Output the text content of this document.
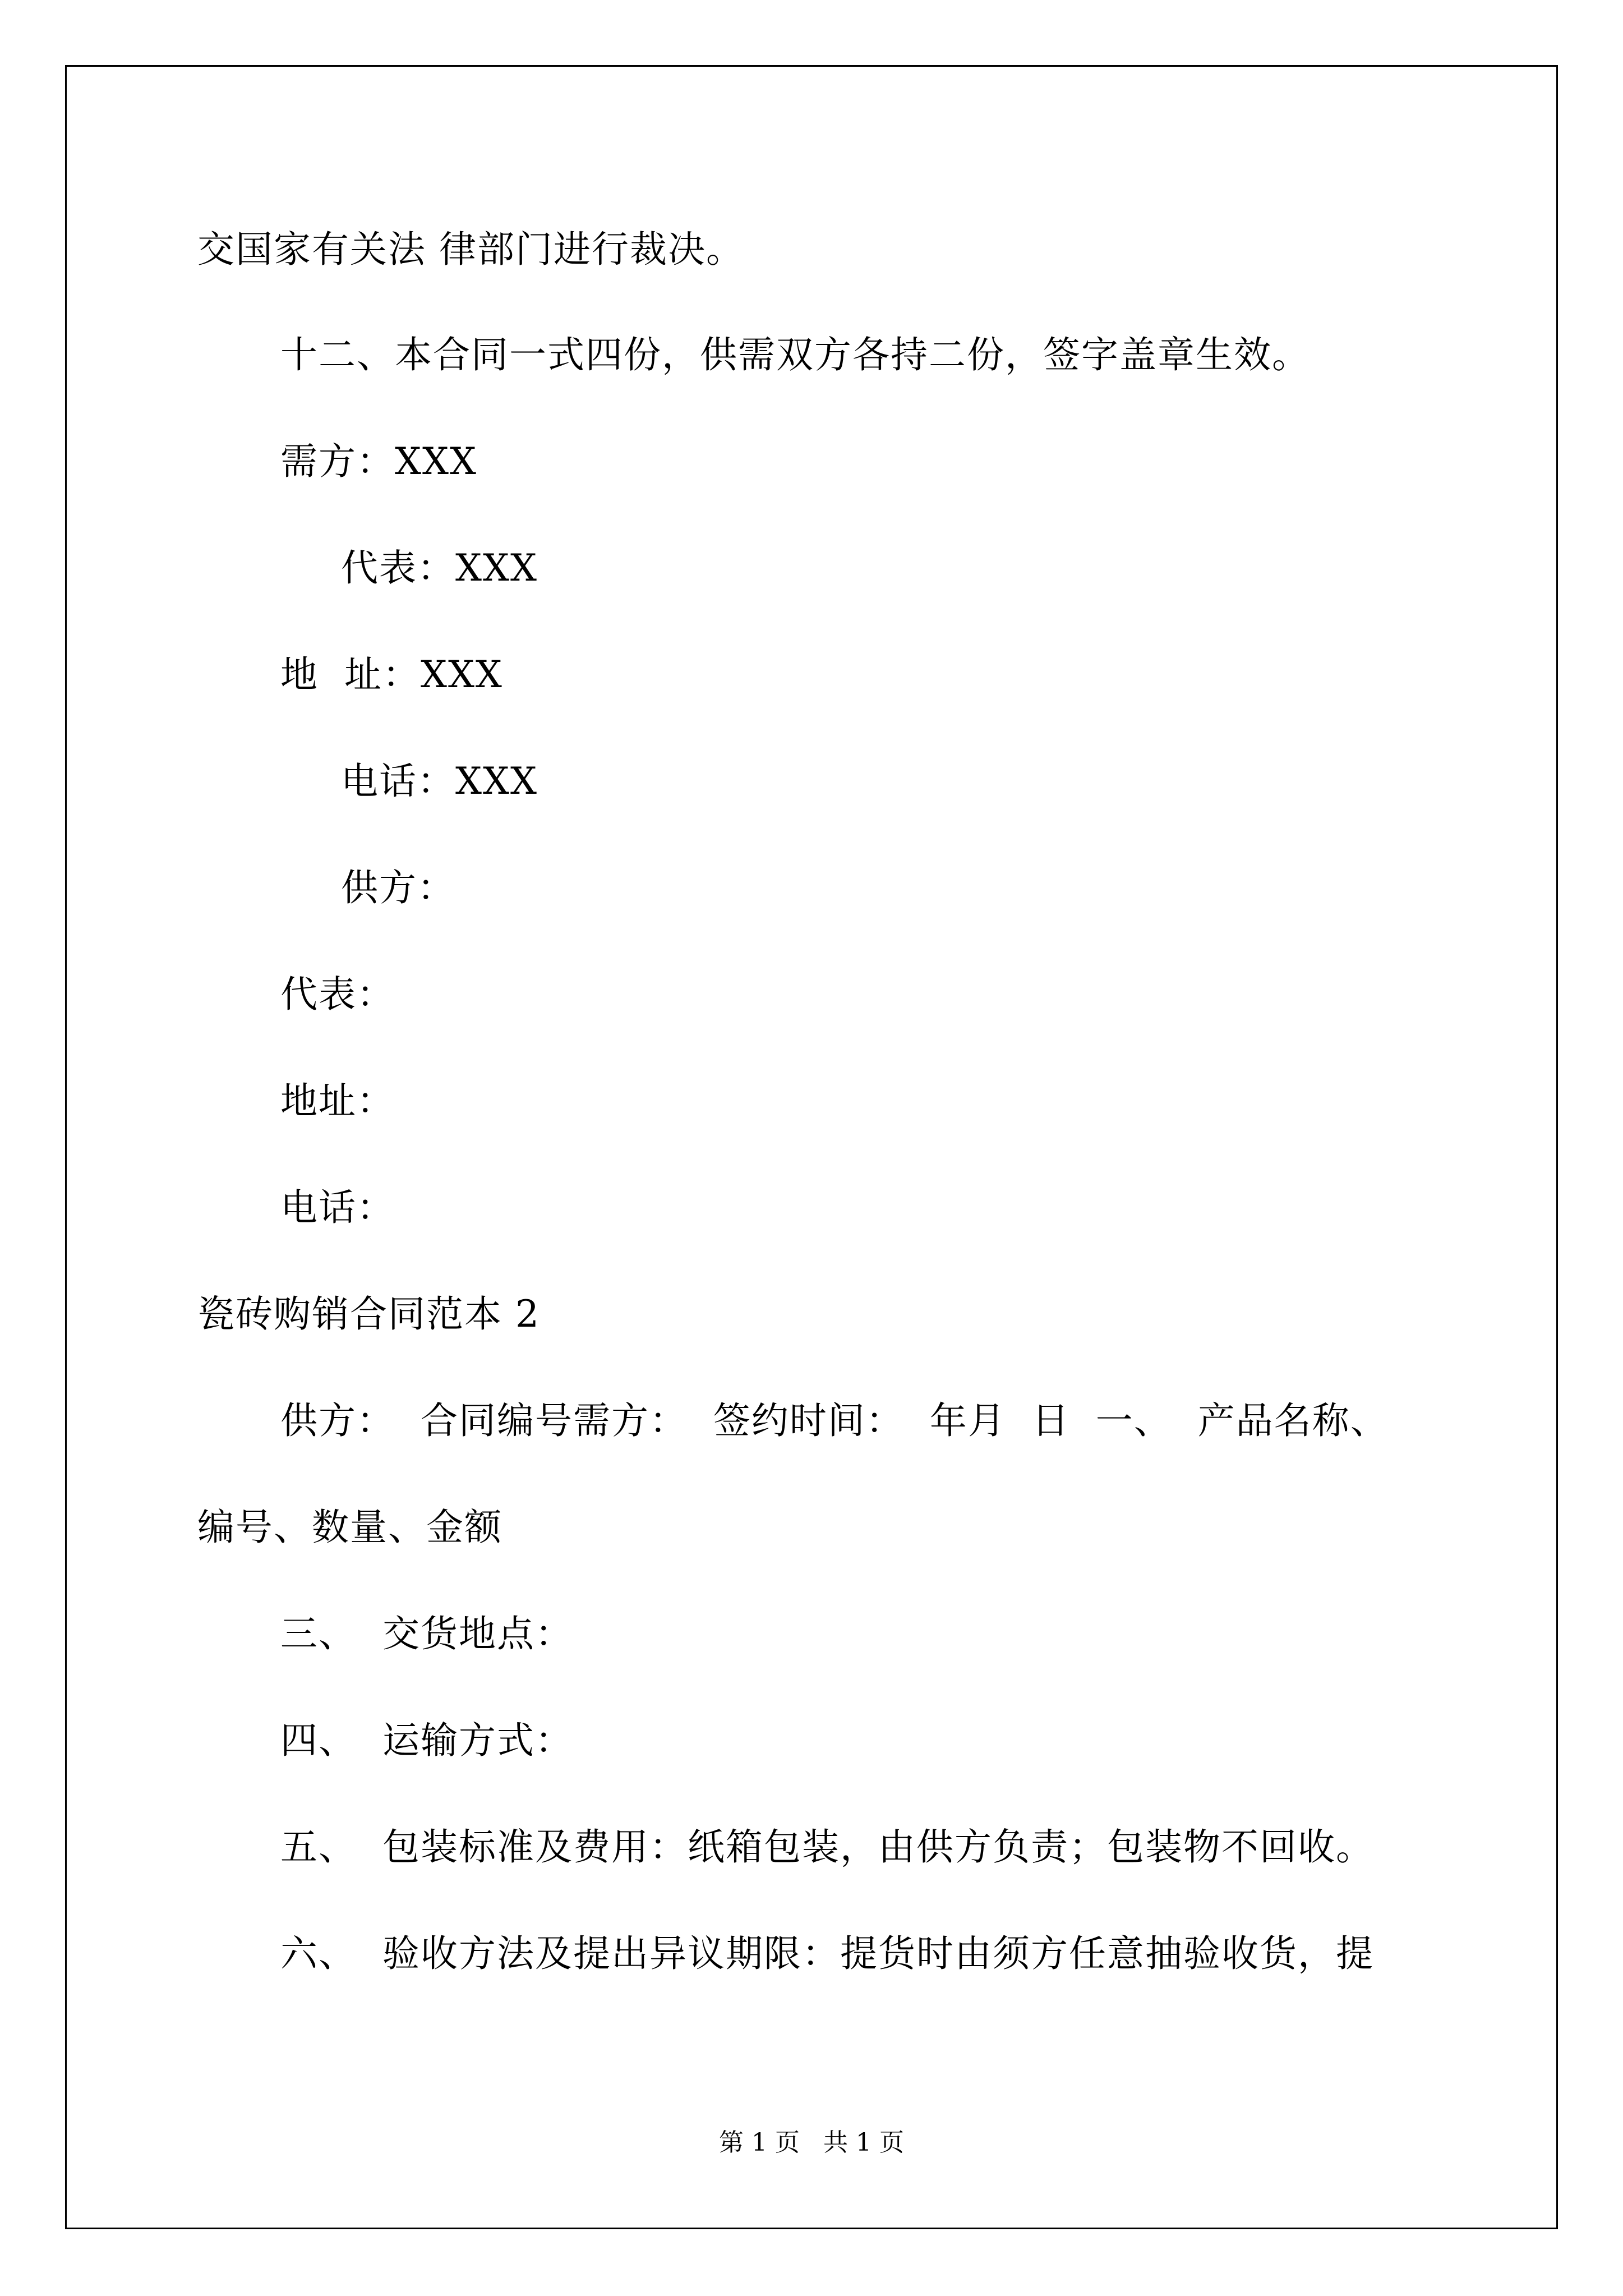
交国家有关法 律部门进行裁决。
十二、本合同一式四份，供需双方各持二份，签字盖章生效。
需方：XXX
代表：XXX
地  址：XXX
电话：XXX
供方：
代表：
地址：
电话：
瓷砖购销合同范本 2
供方：  合同编号需方：  签约时间：  年月  日  一、  产品名称、
编号、数量、金额
三、  交货地点：
四、  运输方式：
五、  包装标准及费用：纸箱包装，由供方负责；包装物不回收。
六、  验收方法及提出异议期限：提货时由须方任意抽验收货，提
第 1 页   共 1 页
